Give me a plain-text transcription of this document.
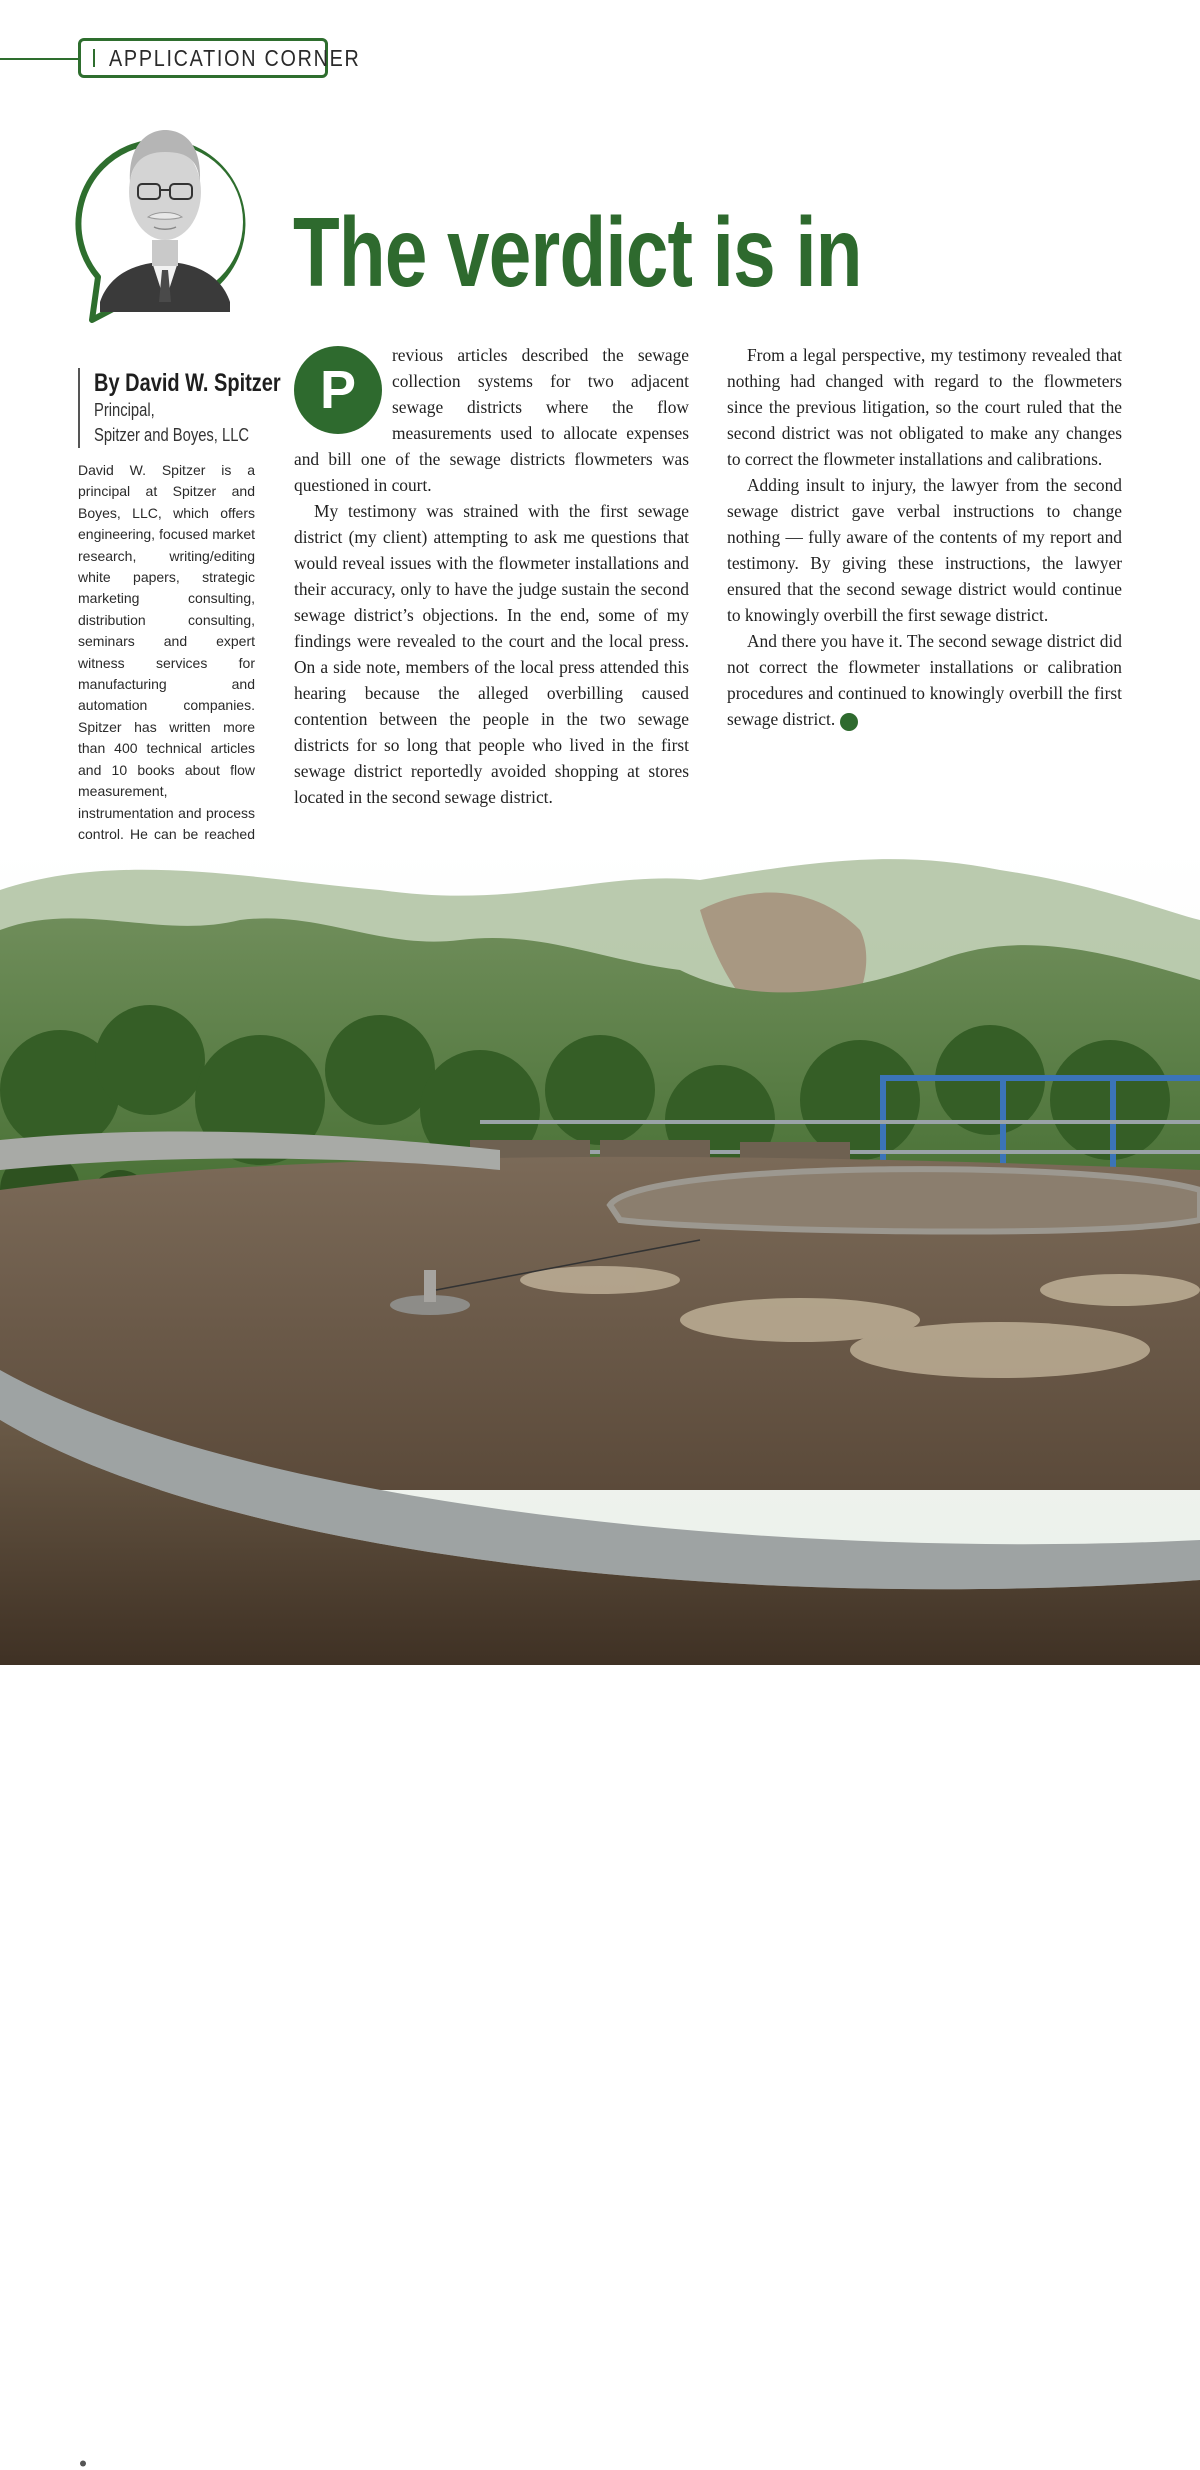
APPLICATION CORNER
The verdict is in
By David W. Spitzer
Principal,
Spitzer and Boyes, LLC

David W. Spitzer is a principal at Spitzer and Boyes, LLC, which offers engineering, focused market research, writing/editing white papers, strategic marketing consulting, distribution consulting, seminars and expert witness services for manufacturing and automation companies. Spitzer has written more than 400 technical articles and 10 books about flow measurement, instrumentation and process control. He can be reached

P

revious articles described the sewage collection systems for two adjacent sewage districts where the flow measurements used to allocate expenses and bill one of the sewage districts flowmeters was questioned in court.

My testimony was strained with the first sewage district (my client) attempting to ask me questions that would reveal issues with the flowmeter installations and their accuracy, only to have the judge sustain the second sewage district’s objections. In the end, some of my findings were revealed to the court and the local press. On a side note, members of the local press attended this hearing because the alleged overbilling caused contention between the people in the two sewage districts for so long that people who lived in the first sewage district reportedly avoided shopping at stores located in the second sewage district.

From a legal perspective, my testimony revealed that nothing had changed with regard to the flowmeters since the previous litigation, so the court ruled that the second district was not obligated to make any changes to correct the flowmeter installations and calibrations.

Adding insult to injury, the lawyer from the second sewage district gave verbal instructions to change nothing — fully aware of the contents of my report and testimony. By giving these instructions, the lawyer ensured that the second sewage district would continue to knowingly overbill the first sewage district.

And there you have it. The second sewage district did not correct the flowmeter installations or calibration procedures and continued to knowingly overbill the first sewage district. FI

27977993 © Pa2011 | Dreamstime.com
